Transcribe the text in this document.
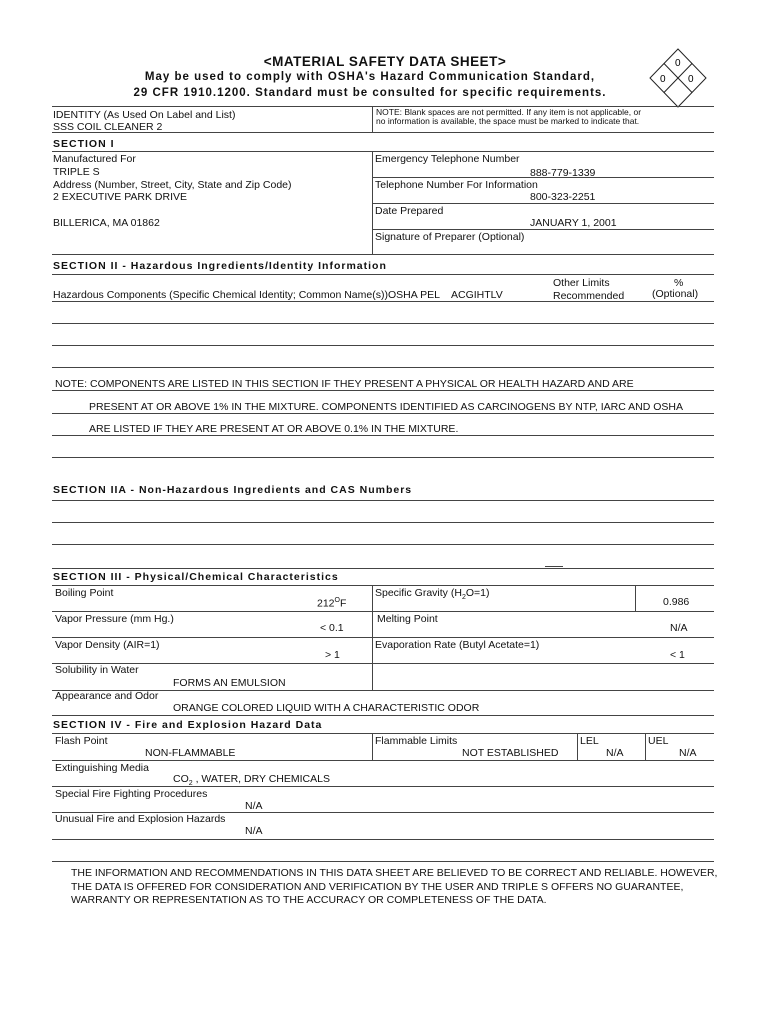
<MATERIAL SAFETY DATA SHEET>
May be used to comply with OSHA's Hazard Communication Standard,
29 CFR 1910.1200. Standard must be consulted for specific requirements.
0
0 0
IDENTITY (As Used On Label and List)
SSS COIL CLEANER 2
NOTE: Blank spaces are not permitted. If any item is not applicable, or
no information is available, the space must be marked to indicate that.
SECTION I
Manufactured For
TRIPLE S
Address (Number, Street, City, State and Zip Code)
2 EXECUTIVE PARK DRIVE
BILLERICA, MA 01862
Emergency Telephone Number
888-779-1339
Telephone Number For Information
800-323-2251
Date Prepared
JANUARY 1, 2001
Signature of Preparer (Optional)
SECTION II - Hazardous Ingredients/Identity Information
Hazardous Components (Specific Chemical Identity; Common Name(s)) OSHA PEL ACGIHTLV
Other Limits
Recommended
%
(Optional)
NOTE: COMPONENTS ARE LISTED IN THIS SECTION IF THEY PRESENT A PHYSICAL OR HEALTH HAZARD AND ARE
PRESENT AT OR ABOVE 1% IN THE MIXTURE. COMPONENTS IDENTIFIED AS CARCINOGENS BY NTP, IARC AND OSHA
ARE LISTED IF THEY ARE PRESENT AT OR ABOVE 0.1% IN THE MIXTURE.
SECTION IIA - Non-Hazardous Ingredients and CAS Numbers
SECTION III - Physical/Chemical Characteristics
Boiling Point
$212^OF$
Specific Gravity $(H_2O=1)$
0.986
Vapor Pressure (mm Hg.)
< 0.1
Melting Point
N/A
Vapor Density (AIR=1)
> 1
Evaporation Rate (Butyl Acetate=1)
< 1
Solubility in Water
FORMS AN EMULSION
Appearance and Odor
ORANGE COLORED LIQUID WITH A CHARACTERISTIC ODOR
SECTION IV - Fire and Explosion Hazard Data
Flash Point
NON-FLAMMABLE
Flammable Limits
NOT ESTABLISHED
LEL
N/A
UEL
N/A
Extinguishing Media
$CO_2$ , WATER, DRY CHEMICALS
Special Fire Fighting Procedures
N/A
Unusual Fire and Explosion Hazards
N/A
THE INFORMATION AND RECOMMENDATIONS IN THIS DATA SHEET ARE BELIEVED TO BE CORRECT AND RELIABLE. HOWEVER,
THE DATA IS OFFERED FOR CONSIDERATION AND VERIFICATION BY THE USER AND TRIPLE S OFFERS NO GUARANTEE,
WARRANTY OR REPRESENTATION AS TO THE ACCURACY OR COMPLETENESS OF THE DATA.
